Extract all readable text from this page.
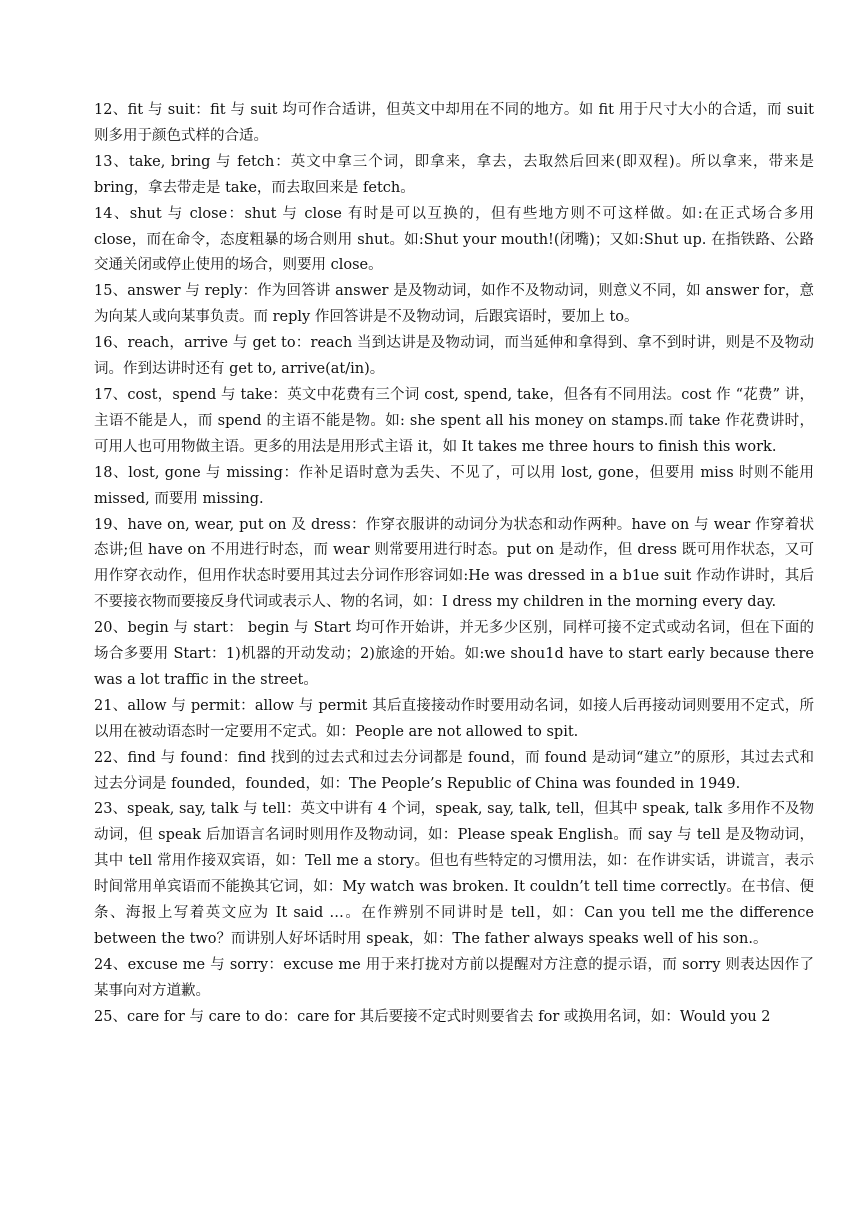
12、fit 与 suit：fit 与 suit 均可作合适讲，但英文中却用在不同的地方。如 fit 用于尺寸大小的合适，而 suit 则多用于颜色式样的合适。

13、take, bring 与 fetch：英文中拿三个词，即拿来，拿去，去取然后回来(即双程)。所以拿来，带来是 bring，拿去带走是 take，而去取回来是 fetch。

14、shut 与 close：shut 与 close 有时是可以互换的，但有些地方则不可这样做。如:在正式场合多用 close，而在命令，态度粗暴的场合则用 shut。如:Shut your mouth!(闭嘴)；又如:Shut up. 在指铁路、公路交通关闭或停止使用的场合，则要用 close。

15、answer 与 reply：作为回答讲 answer 是及物动词，如作不及物动词，则意义不同，如 answer for，意为向某人或向某事负责。而 reply 作回答讲是不及物动词，后跟宾语时，要加上 to。

16、reach，arrive 与 get to：reach 当到达讲是及物动词，而当延伸和拿得到、拿不到时讲，则是不及物动词。作到达讲时还有 get to, arrive(at/in)。

17、cost，spend 与 take：英文中花费有三个词 cost, spend, take，但各有不同用法。cost 作 “花费” 讲，主语不能是人，而 spend 的主语不能是物。如: she spent all his money on stamps.而 take 作花费讲时，可用人也可用物做主语。更多的用法是用形式主语 it，如 It takes me three hours to finish this work.

18、lost, gone 与 missing：作补足语时意为丢失、不见了，可以用 lost, gone，但要用 miss 时则不能用 missed, 而要用 missing.

19、have on, wear, put on 及 dress：作穿衣服讲的动词分为状态和动作两种。have on 与 wear 作穿着状态讲;但 have on 不用进行时态，而 wear 则常要用进行时态。put on 是动作，但 dress 既可用作状态，又可用作穿衣动作，但用作状态时要用其过去分词作形容词如:He was dressed in a b1ue suit 作动作讲时，其后不要接衣物而要接反身代词或表示人、物的名词，如：I dress my children in the morning every day.

20、begin 与 start： begin 与 Start 均可作开始讲，并无多少区别，同样可接不定式或动名词，但在下面的场合多要用 Start：1)机器的开动发动；2)旅途的开始。如:we shou1d have to start early because there was a lot traffic in the street。

21、allow 与 permit：allow 与 permit 其后直接接动作时要用动名词，如接人后再接动词则要用不定式，所以用在被动语态时一定要用不定式。如：People are not allowed to spit.

22、find 与 found：find 找到的过去式和过去分词都是 found，而 found 是动词“建立”的原形，其过去式和过去分词是 founded，founded，如：The People’s Republic of China was founded in 1949.

23、speak, say, talk 与 tell：英文中讲有 4 个词，speak, say, talk, tell，但其中 speak, talk 多用作不及物动词，但 speak 后加语言名词时则用作及物动词，如：Please speak English。而 say 与 tell 是及物动词，其中 tell 常用作接双宾语，如：Tell me a story。但也有些特定的习惯用法，如：在作讲实话，讲谎言，表示时间常用单宾语而不能换其它词，如：My watch was broken. It couldn’t tell time correctly。在书信、便条、海报上写着英文应为 It said …。在作辨别不同讲时是 tell，如：Can you tell me the difference between the two？而讲别人好坏话时用 speak，如：The father always speaks well of his son.。

24、excuse me 与 sorry：excuse me 用于来打拢对方前以提醒对方注意的提示语，而 sorry 则表达因作了某事向对方道歉。

25、care for 与 care to do：care for 其后要接不定式时则要省去 for 或换用名词，如：Would you 2
